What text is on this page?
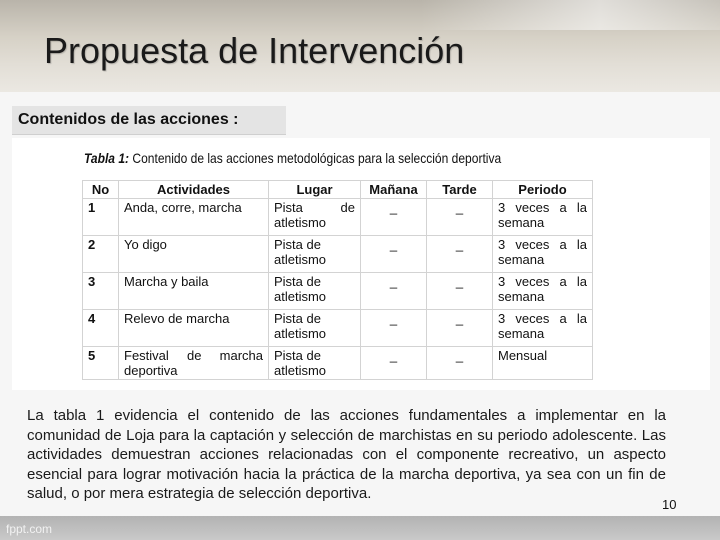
Propuesta de Intervención
Contenidos de las acciones :
Tabla 1: Contenido de las acciones metodológicas para la selección deportiva
No	Actividades	Lugar	Mañana	Tarde	Periodo
1	Anda, corre, marcha	Pista de atletismo	_	_	3 veces a la semana
2	Yo digo	Pista de atletismo	_	_	3 veces a la semana
3	Marcha y baila	Pista de atletismo	_	_	3 veces a la semana
4	Relevo de marcha	Pista de atletismo	_	_	3 veces a la semana
5	Festival de marcha deportiva	Pista de atletismo	_	_	Mensual

La tabla 1 evidencia el contenido de las acciones fundamentales a implementar en la comunidad de Loja para la captación y selección de marchistas en su periodo adolescente. Las actividades demuestran acciones relacionadas con el componente recreativo, un aspecto esencial para lograr motivación hacia la práctica de la marcha deportiva, ya sea con un fin de salud, o por mera estrategia de selección deportiva.

10
fppt.com
